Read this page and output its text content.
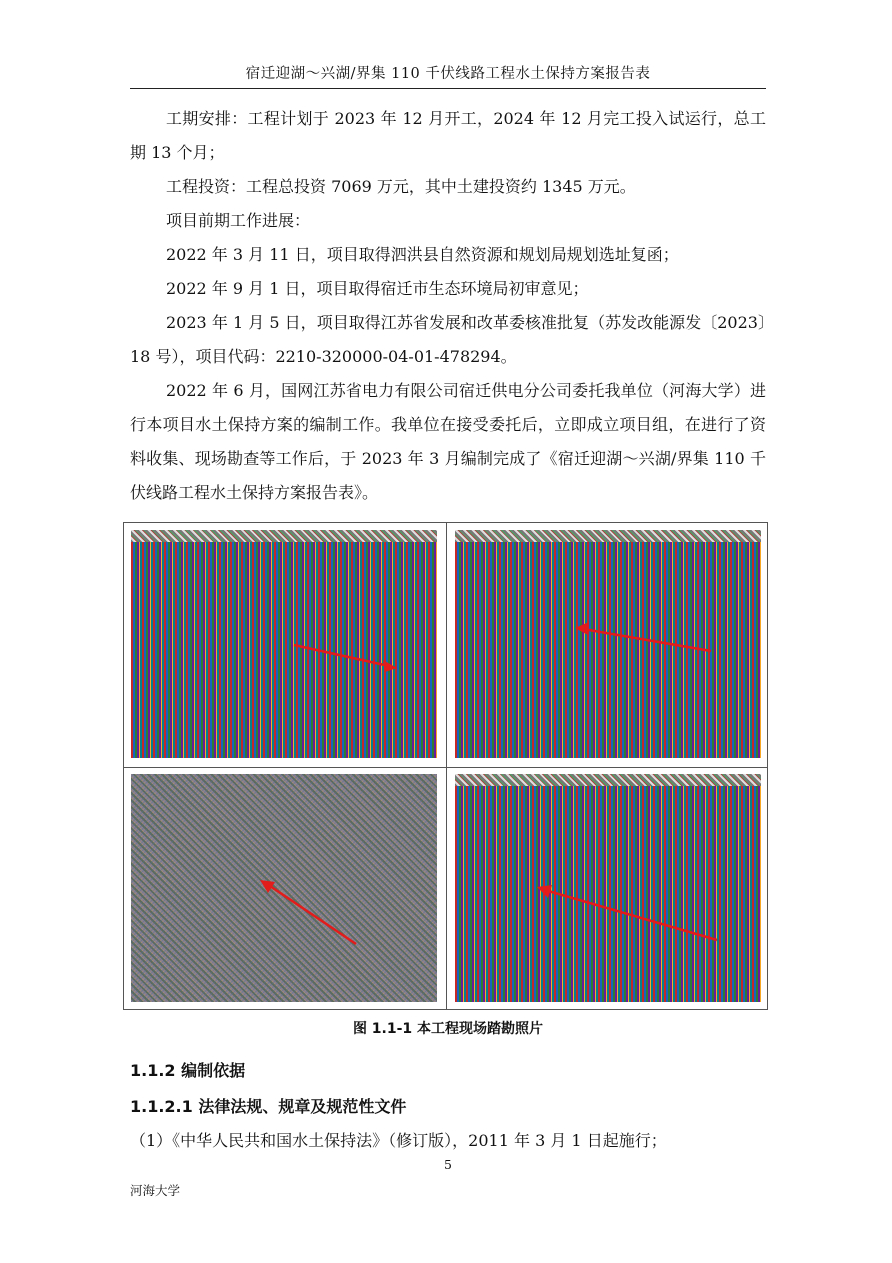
宿迁迎湖～兴湖/界集 110 千伏线路工程水土保持方案报告表

工期安排：工程计划于 2023 年 12 月开工，2024 年 12 月完工投入试运行，总工期 13 个月；

工程投资：工程总投资 7069 万元，其中土建投资约 1345 万元。

项目前期工作进展：

2022 年 3 月 11 日，项目取得泗洪县自然资源和规划局规划选址复函；

2022 年 9 月 1 日，项目取得宿迁市生态环境局初审意见；

2023 年 1 月 5 日，项目取得江苏省发展和改革委核准批复（苏发改能源发〔2023〕18 号），项目代码：2210-320000-04-01-478294。

2022 年 6 月，国网江苏省电力有限公司宿迁供电分公司委托我单位（河海大学）进行本项目水土保持方案的编制工作。我单位在接受委托后，立即成立项目组，在进行了资料收集、现场勘查等工作后，于 2023 年 3 月编制完成了《宿迁迎湖～兴湖/界集 110 千伏线路工程水土保持方案报告表》。

图 1.1-1 本工程现场踏勘照片
1.1.2 编制依据
1.1.2.1 法律法规、规章及规范性文件

（1）《中华人民共和国水土保持法》（修订版），2011 年 3 月 1 日起施行；

5
河海大学
